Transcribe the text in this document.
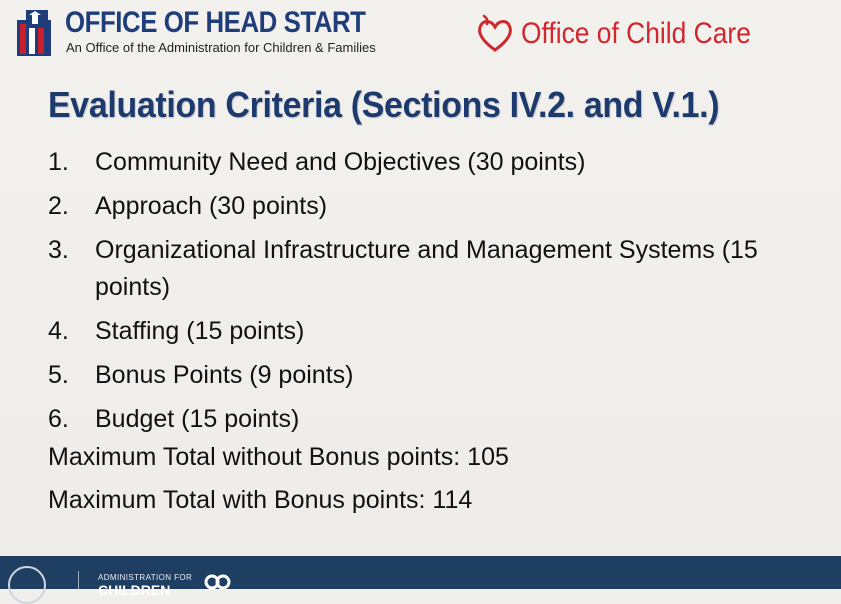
OFFICE OF HEAD START
An Office of the Administration for Children & Families	Office of Child Care
Evaluation Criteria (Sections IV.2. and V.1.)
1. Community Need and Objectives (30 points)
2. Approach (30 points)
3. Organizational Infrastructure and Management Systems (15 points)
4. Staffing (15 points)
5. Bonus Points (9 points)
6. Budget (15 points)
Maximum Total without Bonus points: 105
Maximum Total with Bonus points: 114
ADMINISTRATION FOR
CHILDREN
